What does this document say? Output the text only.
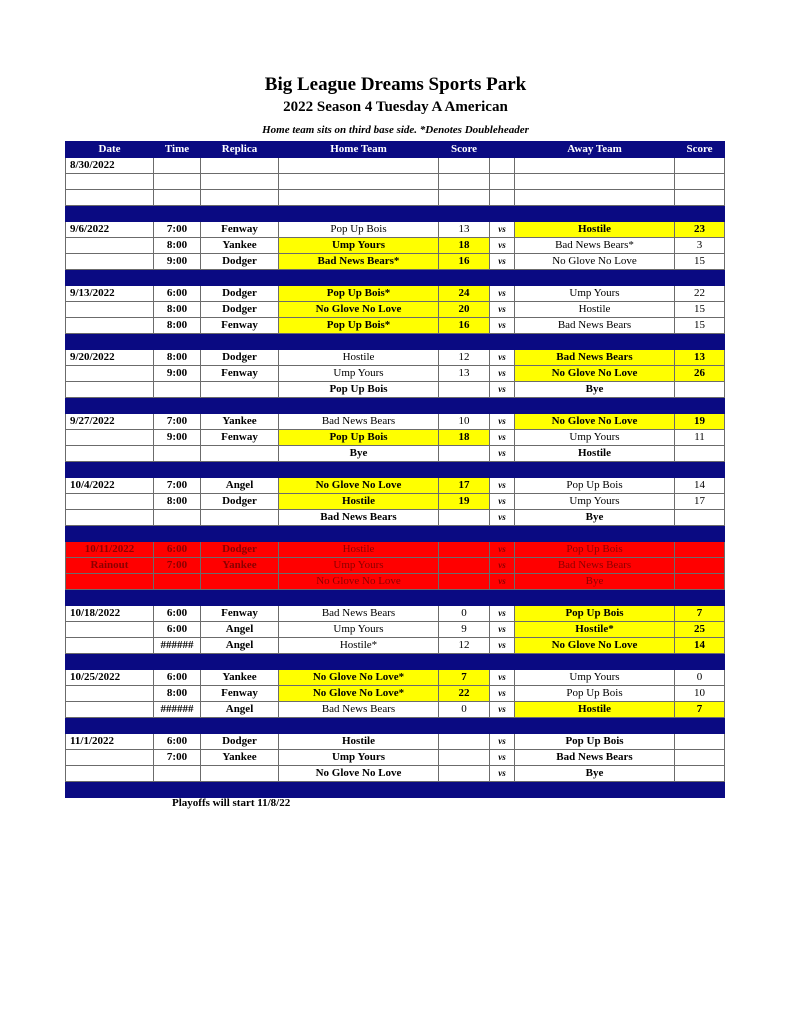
Big League Dreams Sports Park
2022 Season 4 Tuesday A American
Home team sits on third base side. *Denotes Doubleheader
Date	Time	Replica	Home Team	Score		Away Team	Score
8/30/2022							

9/6/2022	7:00	Fenway	Pop Up Bois	13	vs	Hostile	23
	8:00	Yankee	Ump Yours	18	vs	Bad News Bears*	3
	9:00	Dodger	Bad News Bears*	16	vs	No Glove No Love	15

9/13/2022	6:00	Dodger	Pop Up Bois*	24	vs	Ump Yours	22
	8:00	Dodger	No Glove No Love	20	vs	Hostile	15
	8:00	Fenway	Pop Up Bois*	16	vs	Bad News Bears	15

9/20/2022	8:00	Dodger	Hostile	12	vs	Bad News Bears	13
	9:00	Fenway	Ump Yours	13	vs	No Glove No Love	26
			Pop Up Bois		vs	Bye	

9/27/2022	7:00	Yankee	Bad News Bears	10	vs	No Glove No Love	19
	9:00	Fenway	Pop Up Bois	18	vs	Ump Yours	11
			Bye		vs	Hostile	

10/4/2022	7:00	Angel	No Glove No Love	17	vs	Pop Up Bois	14
	8:00	Dodger	Hostile	19	vs	Ump Yours	17
			Bad News Bears		vs	Bye	

10/11/2022	6:00	Dodger	Hostile		vs	Pop Up Bois	
Rainout	7:00	Yankee	Ump Yours		vs	Bad News Bears	
			No Glove No Love		vs	Bye	

10/18/2022	6:00	Fenway	Bad News Bears	0	vs	Pop Up Bois	7
	6:00	Angel	Ump Yours	9	vs	Hostile*	25
	######	Angel	Hostile*	12	vs	No Glove No Love	14

10/25/2022	6:00	Yankee	No Glove No Love*	7	vs	Ump Yours	0
	8:00	Fenway	No Glove No Love*	22	vs	Pop Up Bois	10
	######	Angel	Bad News Bears	0	vs	Hostile	7

11/1/2022	6:00	Dodger	Hostile		vs	Pop Up Bois	
	7:00	Yankee	Ump Yours		vs	Bad News Bears	
			No Glove No Love		vs	Bye	

Playoffs will start 11/8/22
